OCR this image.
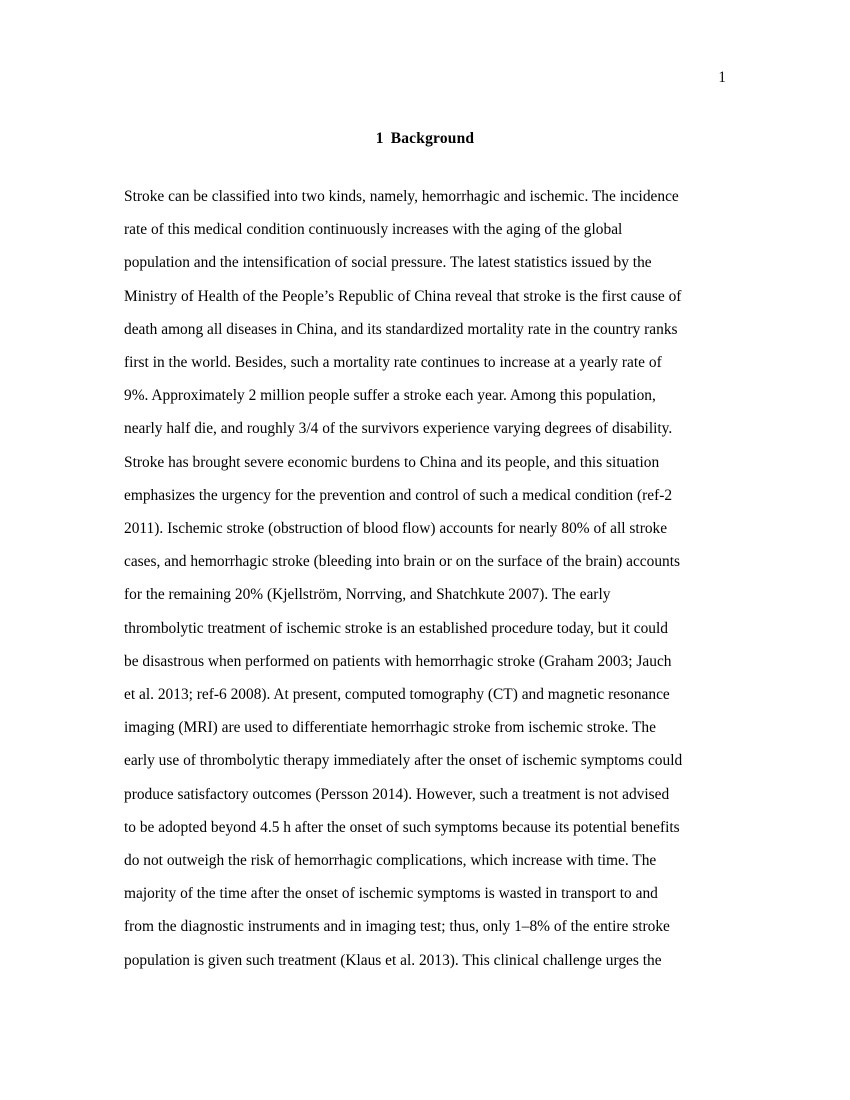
1
1 Background
Stroke can be classified into two kinds, namely, hemorrhagic and ischemic. The incidence
rate of this medical condition continuously increases with the aging of the global
population and the intensification of social pressure. The latest statistics issued by the
Ministry of Health of the People’s Republic of China reveal that stroke is the first cause of
death among all diseases in China, and its standardized mortality rate in the country ranks
first in the world. Besides, such a mortality rate continues to increase at a yearly rate of
9%. Approximately 2 million people suffer a stroke each year. Among this population,
nearly half die, and roughly 3/4 of the survivors experience varying degrees of disability.
Stroke has brought severe economic burdens to China and its people, and this situation
emphasizes the urgency for the prevention and control of such a medical condition (ref-2
2011). Ischemic stroke (obstruction of blood flow) accounts for nearly 80% of all stroke
cases, and hemorrhagic stroke (bleeding into brain or on the surface of the brain) accounts
for the remaining 20% (Kjellström, Norrving, and Shatchkute 2007). The early
thrombolytic treatment of ischemic stroke is an established procedure today, but it could
be disastrous when performed on patients with hemorrhagic stroke (Graham 2003; Jauch
et al. 2013; ref-6 2008). At present, computed tomography (CT) and magnetic resonance
imaging (MRI) are used to differentiate hemorrhagic stroke from ischemic stroke. The
early use of thrombolytic therapy immediately after the onset of ischemic symptoms could
produce satisfactory outcomes (Persson 2014). However, such a treatment is not advised
to be adopted beyond 4.5 h after the onset of such symptoms because its potential benefits
do not outweigh the risk of hemorrhagic complications, which increase with time. The
majority of the time after the onset of ischemic symptoms is wasted in transport to and
from the diagnostic instruments and in imaging test; thus, only 1–8% of the entire stroke
population is given such treatment (Klaus et al. 2013). This clinical challenge urges the
